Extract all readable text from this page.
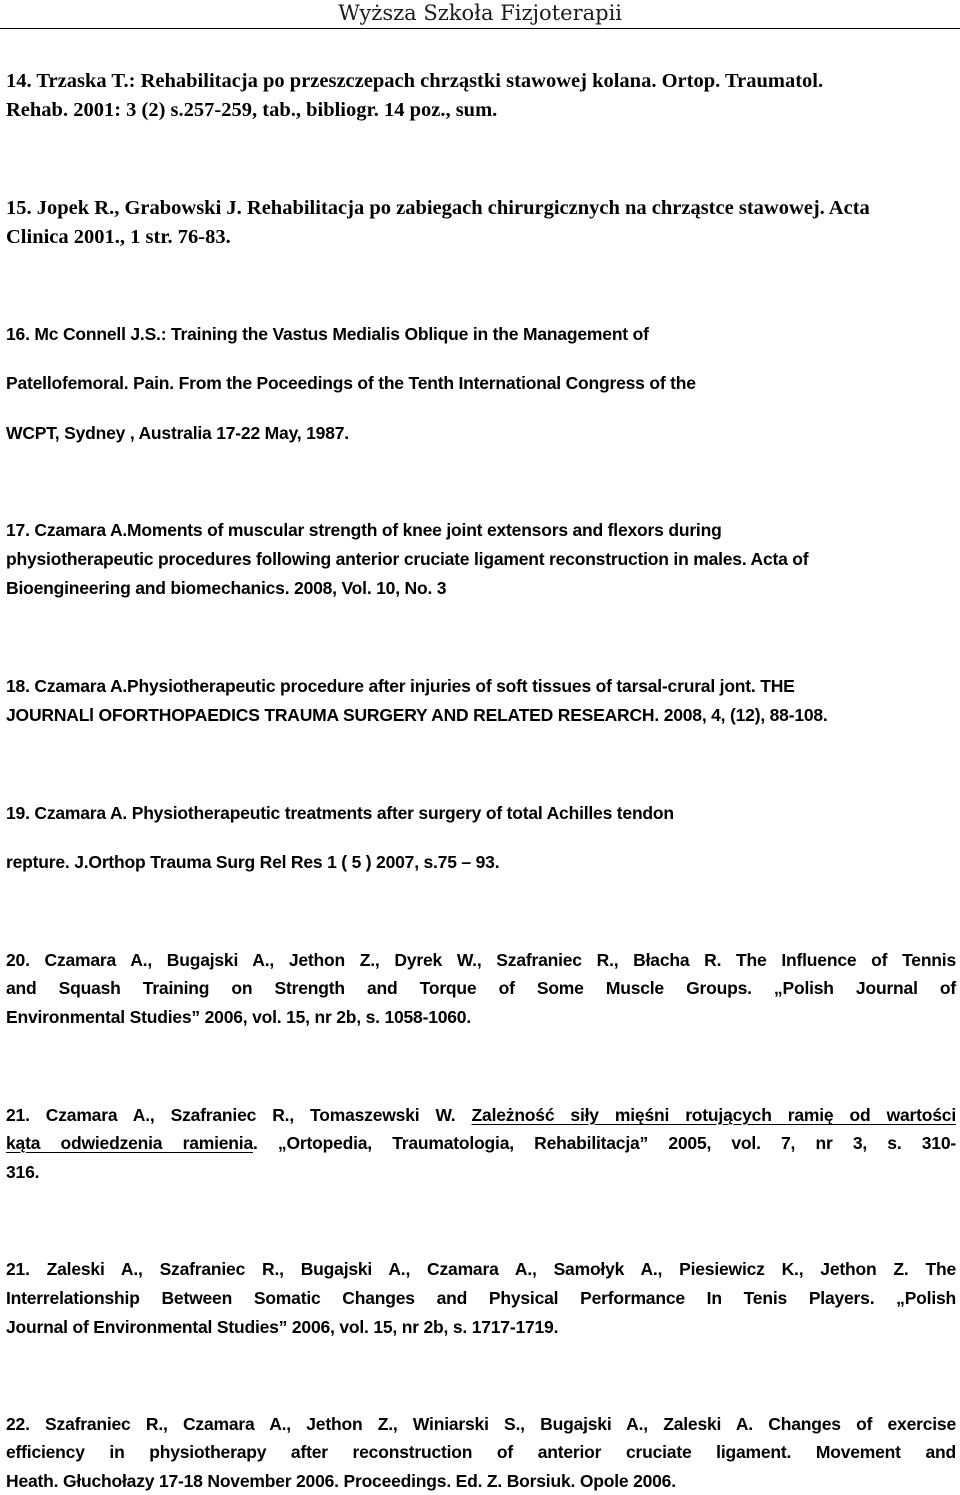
Wyższa Szkoła Fizjoterapii
14. Trzaska T.: Rehabilitacja po przeszczepach chrząstki stawowej kolana. Ortop. Traumatol.
Rehab. 2001: 3 (2) s.257-259, tab., bibliogr. 14 poz., sum.
15. Jopek R., Grabowski J. Rehabilitacja po zabiegach chirurgicznych na chrząstce stawowej. Acta
Clinica 2001., 1 str. 76-83.
16. Mc Connell J.S.: Training the Vastus Medialis Oblique in the Management of
Patellofemoral. Pain. From the Poceedings of the Tenth International Congress of the
WCPT, Sydney , Australia 17-22 May, 1987.
17. Czamara A.Moments of muscular strength of knee joint extensors and flexors during
physiotherapeutic procedures following anterior cruciate ligament reconstruction in males. Acta of
Bioengineering and biomechanics. 2008, Vol. 10, No. 3
18. Czamara A.Physiotherapeutic procedure after injuries of soft tissues of tarsal-crural jont. THE
JOURNALl OFORTHOPAEDICS TRAUMA SURGERY AND RELATED RESEARCH. 2008, 4, (12), 88-108.
19. Czamara A. Physiotherapeutic treatments after surgery of total Achilles tendon
repture. J.Orthop Trauma Surg Rel Res 1 ( 5 ) 2007, s.75 – 93.
20. Czamara A., Bugajski A., Jethon Z., Dyrek W., Szafraniec R., Błacha R. The Influence of Tennis
and Squash Training on Strength and Torque of Some Muscle Groups. „Polish Journal of
Environmental Studies” 2006, vol. 15, nr 2b, s. 1058-1060.
21. Czamara A., Szafraniec R., Tomaszewski W. Zależność siły mięśni rotujących ramię od wartości
kąta odwiedzenia ramienia. „Ortopedia, Traumatologia, Rehabilitacja” 2005, vol. 7, nr 3, s. 310-
316.
21. Zaleski A., Szafraniec R., Bugajski A., Czamara A., Samołyk A., Piesiewicz K., Jethon Z. The
Interrelationship Between Somatic Changes and Physical Performance In Tenis Players. „Polish
Journal of Environmental Studies” 2006, vol. 15, nr 2b, s. 1717-1719.
22. Szafraniec R., Czamara A., Jethon Z., Winiarski S., Bugajski A., Zaleski A. Changes of exercise
efficiency in physiotherapy after reconstruction of anterior cruciate ligament. Movement and
Heath. Głuchołazy 17-18 November 2006. Proceedings. Ed. Z. Borsiuk. Opole 2006.
